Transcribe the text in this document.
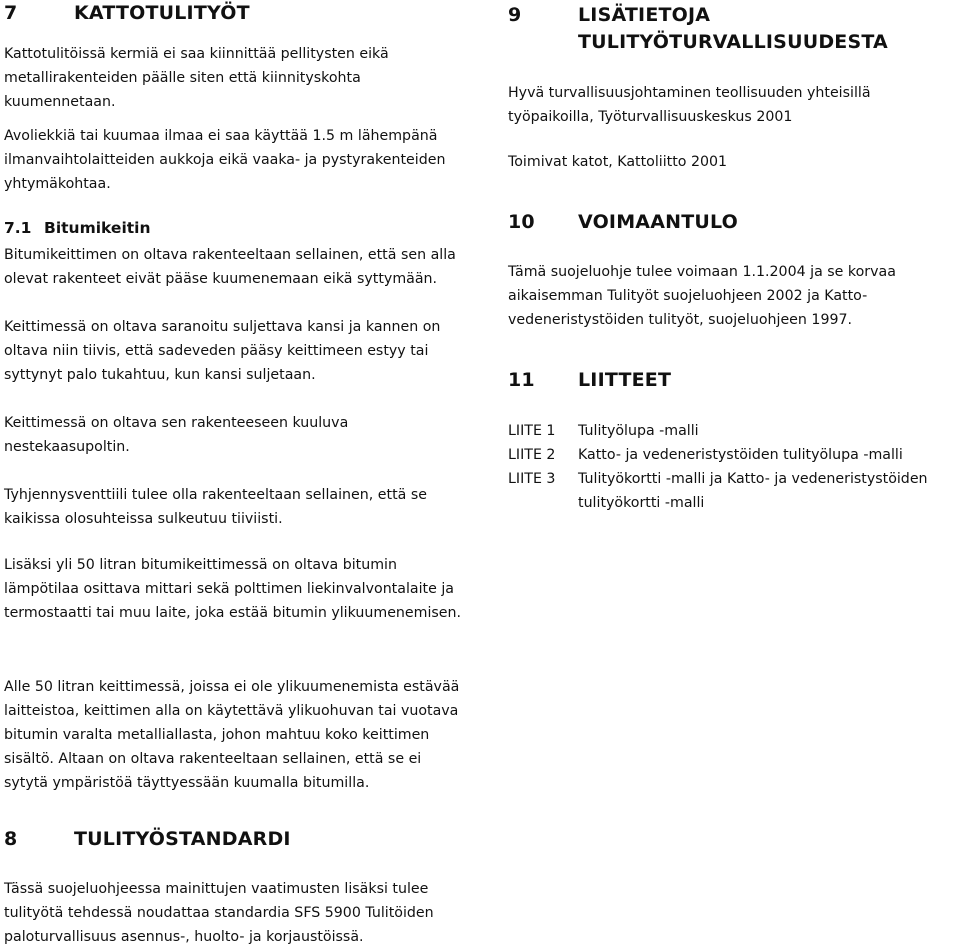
7	KATTOTULITYÖT

Kattotulitöissä kermiä ei saa kiinnittää pellitysten eikä metallirakenteiden päälle siten että kiinnityskohta kuumennetaan.

Avoliekkiä tai kuumaa ilmaa ei saa käyttää 1.5 m lähempänä ilmanvaihtolaitteiden aukkoja eikä vaaka- ja pystyrakenteiden yhtymäkohtaa.

7.1 Bitumikeitin

Bitumikeittimen on oltava rakenteeltaan sellainen, että sen alla olevat rakenteet eivät pääse kuumenemaan eikä syttymään.

Keittimessä on oltava saranoitu suljettava kansi ja kannen on oltava niin tiivis, että sadeveden pääsy keittimeen estyy tai syttynyt palo tukahtuu, kun kansi suljetaan.

Keittimessä on oltava sen rakenteeseen kuuluva nestekaasupoltin.

Tyhjennysventtiili tulee olla rakenteeltaan sellainen, että se kaikissa olosuhteissa sulkeutuu tiiviisti.

Lisäksi yli 50 litran bitumikeittimessä on oltava bitumin lämpötilaa osittava mittari sekä polttimen liekinvalvontalaite ja termostaatti tai muu laite, joka estää bitumin ylikuumenemisen.

Alle 50 litran keittimessä, joissa ei ole ylikuumenemista estävää laitteistoa, keittimen alla on käytettävä ylikuohuvan tai vuotava bitumin varalta metalliallasta, johon mahtuu koko keittimen sisältö. Altaan on oltava rakenteeltaan sellainen, että se ei sytytä ympäristöä täyttyessään kuumalla bitumilla.

8	TULITYÖSTANDARDI

Tässä suojeluohjeessa mainittujen vaatimusten lisäksi tulee tulityötä tehdessä noudattaa standardia SFS 5900 Tulitöiden paloturvallisuus asennus-, huolto- ja korjaustöissä.

9	LISÄTIETOJA TULITYÖTURVALLISUUDESTA

Hyvä turvallisuusjohtaminen teollisuuden yhteisillä työpaikoilla, Työturvallisuuskeskus 2001

Toimivat katot, Kattoliitto 2001

10	VOIMAANTULO

Tämä suojeluohje tulee voimaan 1.1.2004 ja se korvaa aikaisemman Tulityöt suojeluohjeen 2002 ja Katto- vedeneristystöiden tulityöt, suojeluohjeen 1997.

11	LIITTEET
LIITE 1	Tulityölupa -malli
LIITE 2	Katto- ja vedeneristystöiden tulityölupa -malli
LIITE 3	Tulityökortti -malli ja Katto- ja vedeneristystöiden tulityökortti -malli
